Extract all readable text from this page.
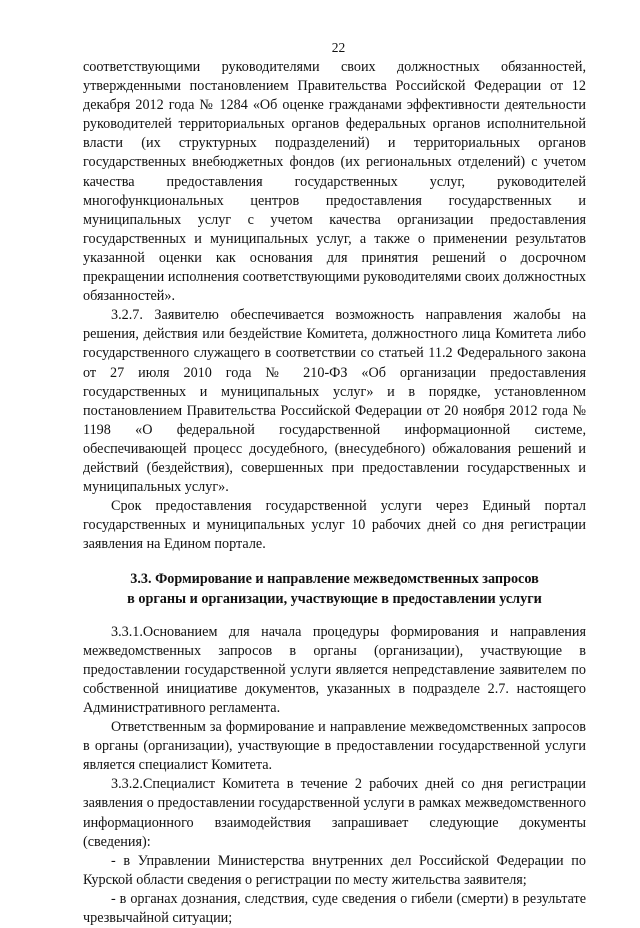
22

соответствующими руководителями своих должностных обязанностей, утвержденными постановлением Правительства Российской Федерации от 12 декабря 2012 года № 1284 «Об оценке гражданами эффективности деятельности руководителей территориальных органов федеральных органов исполнительной власти (их структурных подразделений) и территориальных органов государственных внебюджетных фондов (их региональных отделений) с учетом качества предоставления государственных услуг, руководителей многофункциональных центров предоставления государственных и муниципальных услуг с учетом качества организации предоставления государственных и муниципальных услуг, а также о применении результатов указанной оценки как основания для принятия решений о досрочном прекращении исполнения соответствующими руководителями своих должностных обязанностей».

3.2.7. Заявителю обеспечивается возможность направления жалобы на решения, действия или бездействие Комитета, должностного лица Комитета либо государственного служащего в соответствии со статьей 11.2 Федерального закона от 27 июля 2010 года № 210-ФЗ «Об организации предоставления государственных и муниципальных услуг» и в порядке, установленном постановлением Правительства Российской Федерации от 20 ноября 2012 года № 1198 «О федеральной государственной информационной системе, обеспечивающей процесс досудебного, (внесудебного) обжалования решений и действий (бездействия), совершенных при предоставлении государственных и муниципальных услуг».

Срок предоставления государственной услуги через Единый портал государственных и муниципальных услуг 10 рабочих дней со дня регистрации заявления на Едином портале.

3.3. Формирование и направление межведомственных запросов
в органы и организации, участвующие в предоставлении услуги

3.3.1.Основанием для начала процедуры формирования и направления межведомственных запросов в органы (организации), участвующие в предоставлении государственной услуги является непредставление заявителем по собственной инициативе документов, указанных в подразделе 2.7. настоящего Административного регламента.

Ответственным за формирование и направление межведомственных запросов в органы (организации), участвующие в предоставлении государственной услуги является специалист Комитета.

3.3.2.Специалист Комитета в течение 2 рабочих дней со дня регистрации заявления о предоставлении государственной услуги в рамках межведомственного информационного взаимодействия запрашивает следующие документы (сведения):

- в Управлении Министерства внутренних дел Российской Федерации по Курской области сведения о регистрации по месту жительства заявителя;

- в органах дознания, следствия, суде сведения о гибели (смерти) в результате чрезвычайной ситуации;
